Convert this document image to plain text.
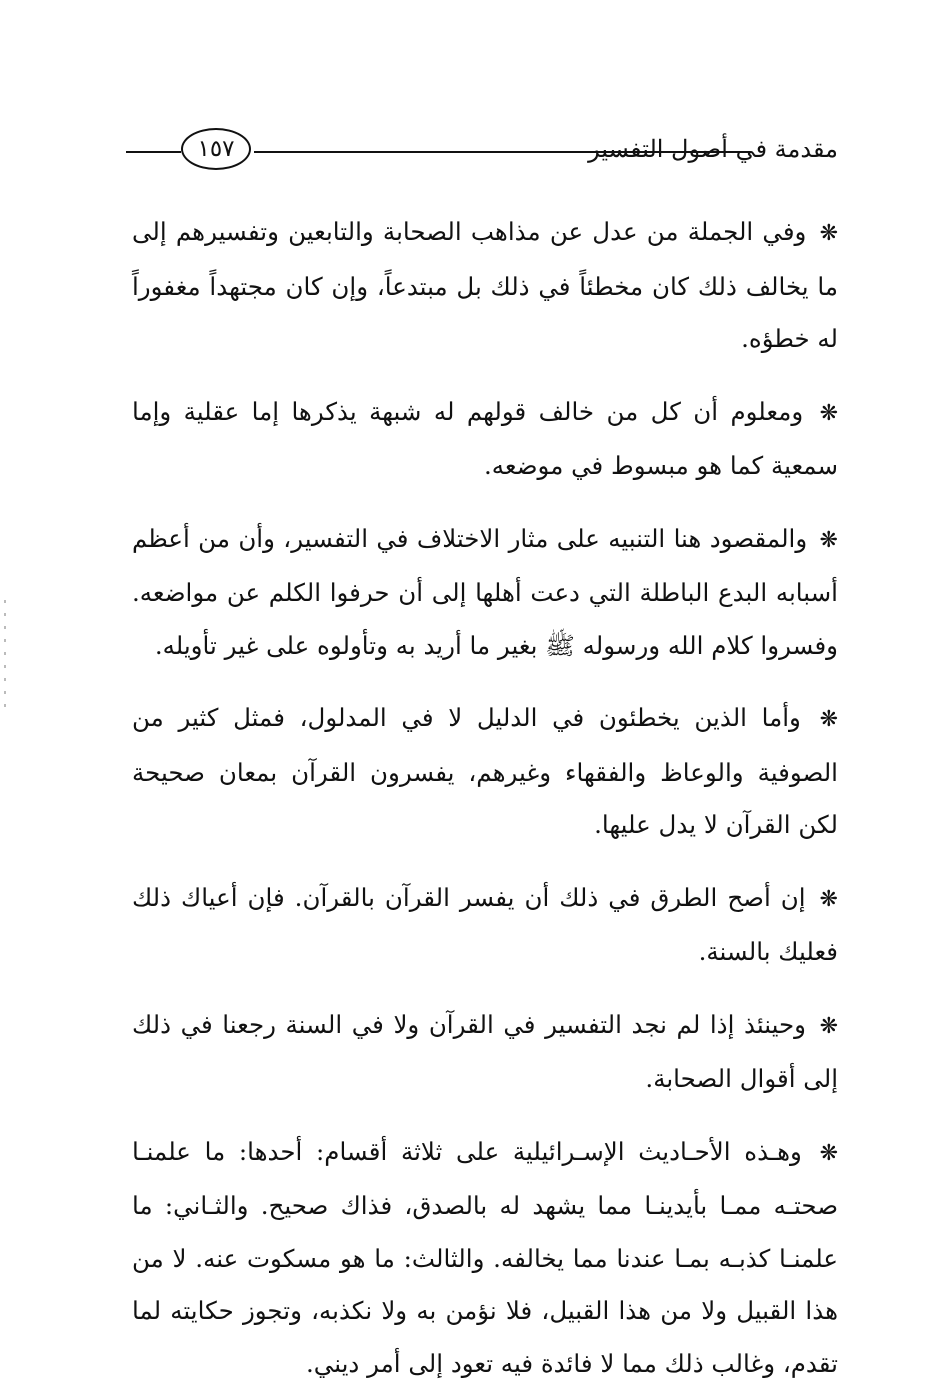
١٥٧	مقدمة في أصول التفسير

❋ وفي الجملة من عدل عن مذاهب الصحابة والتابعين وتفسيرهم إلى ما يخالف ذلك كان مخطئاً في ذلك بل مبتدعاً، وإن كان مجتهداً مغفوراً له خطؤه.

❋ ومعلوم أن كل من خالف قولهم له شبهة يذكرها إما عقلية وإما سمعية كما هو مبسوط في موضعه.

❋ والمقصود هنا التنبيه على مثار الاختلاف في التفسير، وأن من أعظم أسبابه البدع الباطلة التي دعت أهلها إلى أن حرفوا الكلم عن مواضعه. وفسروا كلام الله ورسوله ﷺ بغير ما أريد به وتأولوه على غير تأويله.

❋ وأما الذين يخطئون في الدليل لا في المدلول، فمثل كثير من الصوفية والوعاظ والفقهاء وغيرهم، يفسرون القرآن بمعان صحيحة لكن القرآن لا يدل عليها.

❋ إن أصح الطرق في ذلك أن يفسر القرآن بالقرآن. فإن أعياك ذلك فعليك بالسنة.

❋ وحينئذ إذا لم نجد التفسير في القرآن ولا في السنة رجعنا في ذلك إلى أقوال الصحابة.

❋ وهـذه الأحـاديث الإسـرائيلية على ثلاثة أقسام: أحدها: ما علمنـا صحتـه ممـا بأيدينـا مما يشهد له بالصدق، فذاك صحيح. والثـاني: ما علمنـا كذبـه بمـا عندنا مما يخالفه. والثالث: ما هو مسكوت عنه. لا من هذا القبيل ولا من هذا القبيل، فلا نؤمن به ولا نكذبه، وتجوز حكايته لما تقدم، وغالب ذلك مما لا فائدة فيه تعود إلى أمر ديني.
